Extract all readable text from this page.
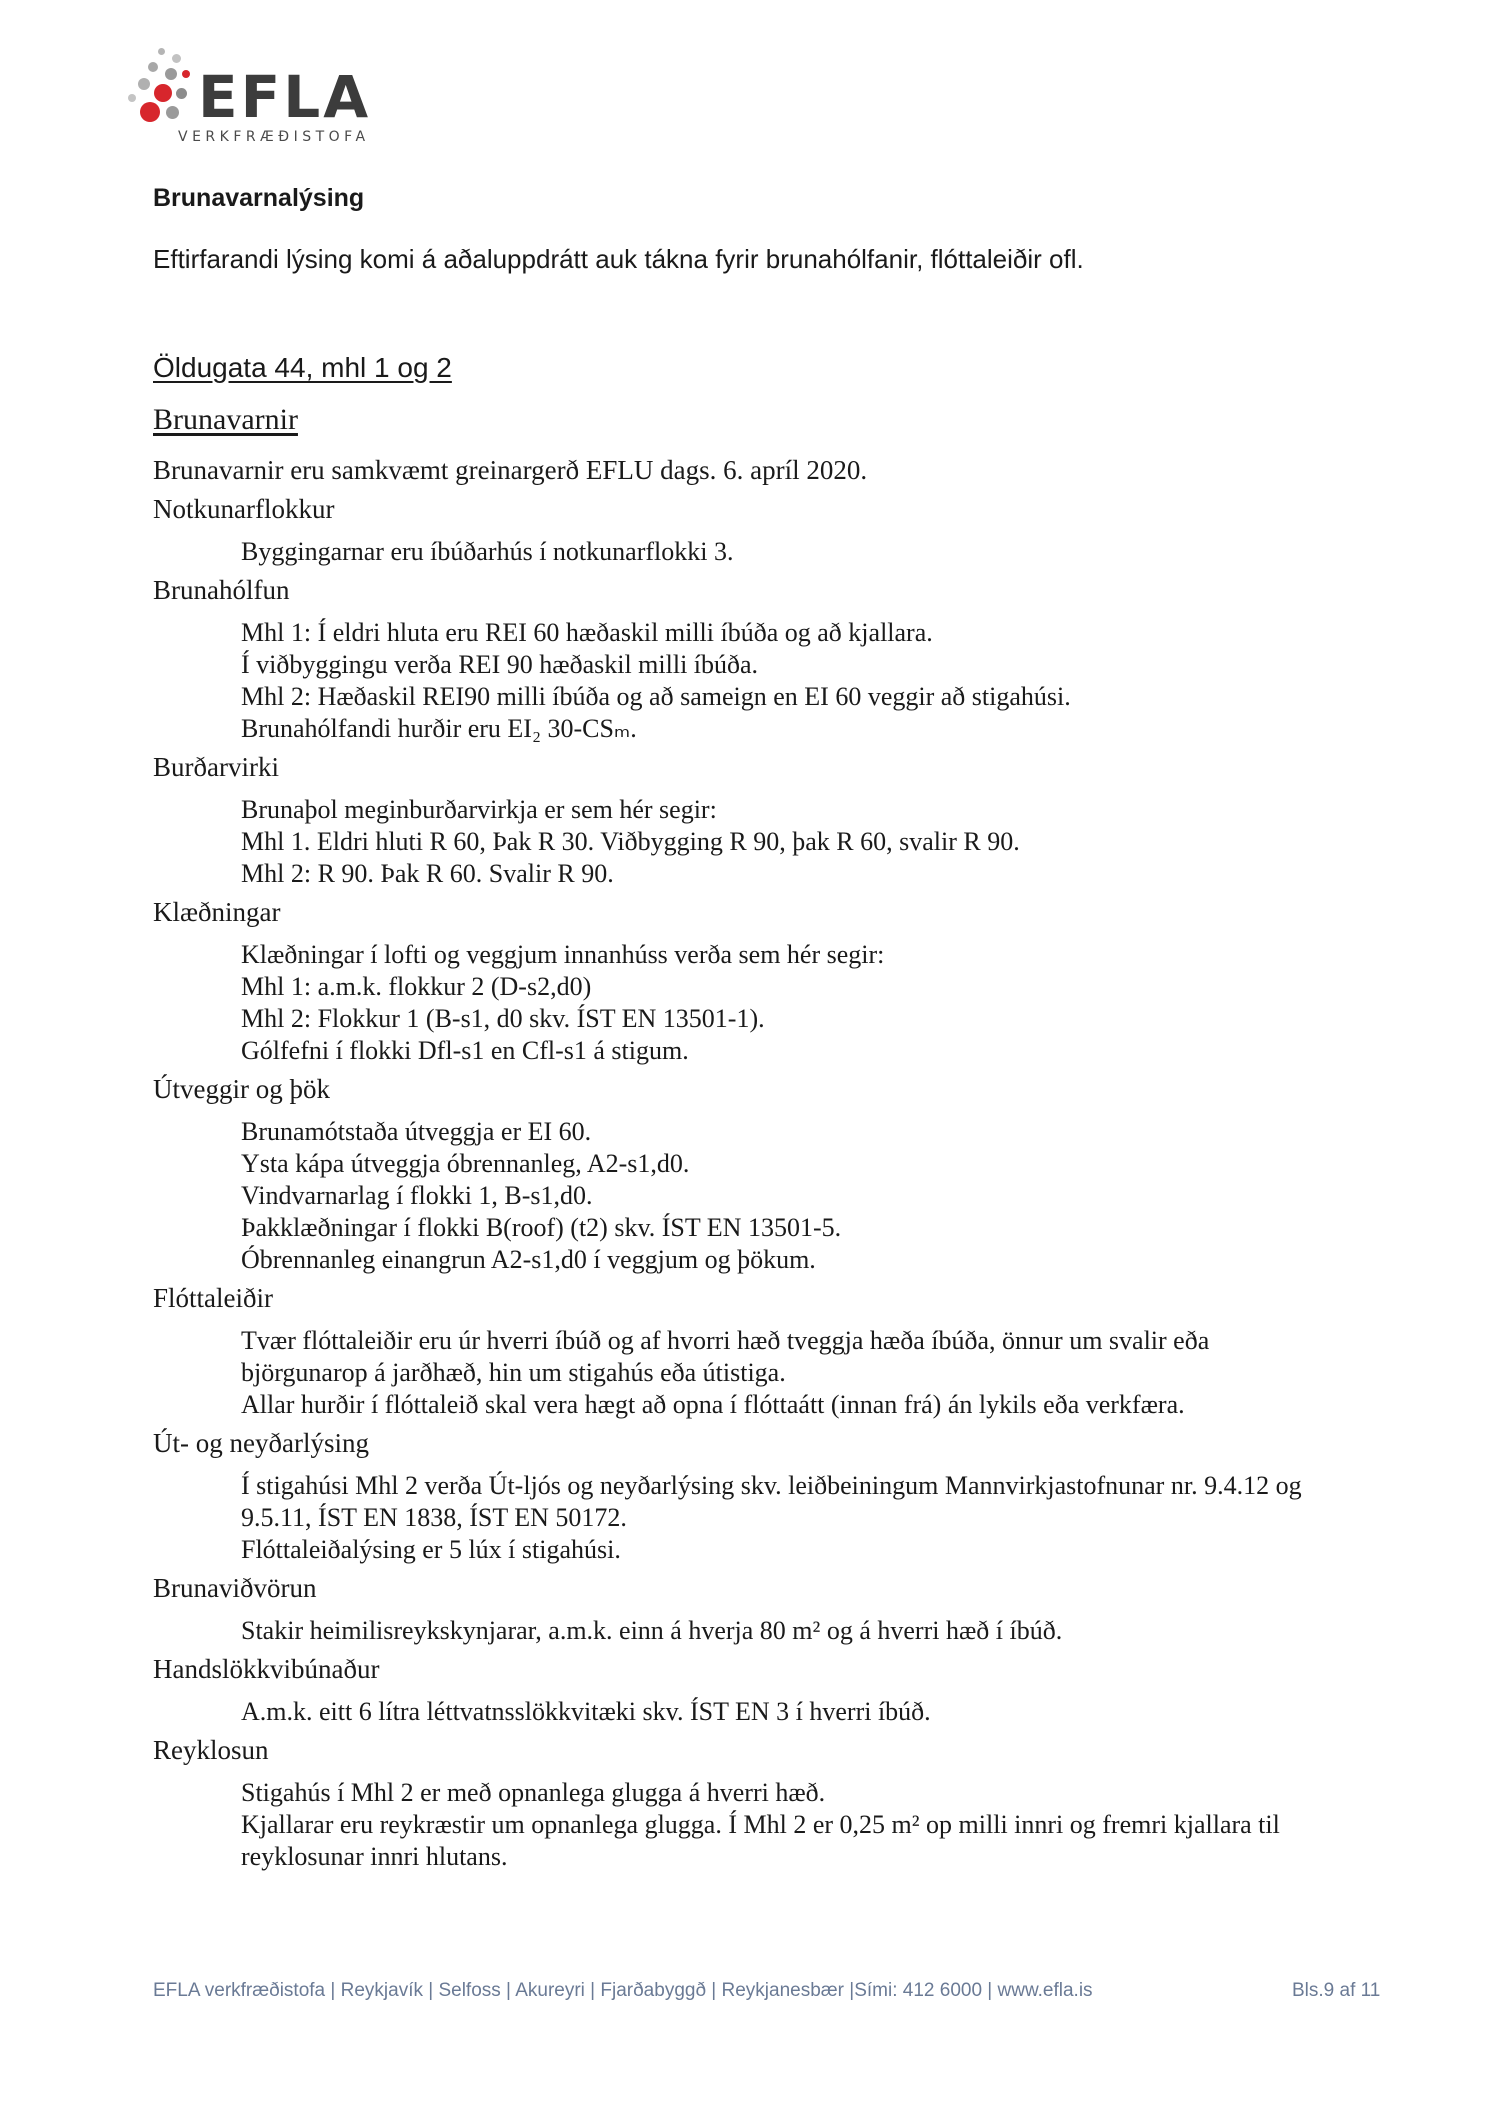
EFLA
VERKFRÆÐISTOFA
Brunavarnalýsing
Eftirfarandi lýsing komi á aðaluppdrátt auk tákna fyrir brunahólfanir, flóttaleiðir ofl.
Öldugata 44, mhl 1 og 2
Brunavarnir
Brunavarnir eru samkvæmt greinargerð EFLU dags. 6. apríl 2020.
Notkunarflokkur
Byggingarnar eru íbúðarhús í notkunarflokki 3.
Brunahólfun
Mhl 1: Í eldri hluta eru REI 60 hæðaskil milli íbúða og að kjallara.
Í viðbyggingu verða REI 90 hæðaskil milli íbúða.
Mhl 2: Hæðaskil REI90 milli íbúða og að sameign en EI 60 veggir að stigahúsi.
Brunahólfandi hurðir eru EI₂ 30-CSₘ.
Burðarvirki
Brunaþol meginburðarvirkja er sem hér segir:
Mhl 1. Eldri hluti R 60, Þak R 30. Viðbygging R 90, þak R 60, svalir R 90.
Mhl 2: R 90. Þak R 60. Svalir R 90.
Klæðningar
Klæðningar í lofti og veggjum innanhúss verða sem hér segir:
Mhl 1: a.m.k. flokkur 2 (D-s2,d0)
Mhl 2: Flokkur 1 (B-s1, d0 skv. ÍST EN 13501-1).
Gólfefni í flokki Dfl-s1 en Cfl-s1 á stigum.
Útveggir og þök
Brunamótstaða útveggja er EI 60.
Ysta kápa útveggja óbrennanleg, A2-s1,d0.
Vindvarnarlag í flokki 1, B-s1,d0.
Þakklæðningar í flokki B(roof) (t2) skv. ÍST EN 13501-5.
Óbrennanleg einangrun A2-s1,d0 í veggjum og þökum.
Flóttaleiðir
Tvær flóttaleiðir eru úr hverri íbúð og af hvorri hæð tveggja hæða íbúða, önnur um svalir eða
björgunarop á jarðhæð, hin um stigahús eða útistiga.
Allar hurðir í flóttaleið skal vera hægt að opna í flóttaátt (innan frá) án lykils eða verkfæra.
Út- og neyðarlýsing
Í stigahúsi Mhl 2 verða Út-ljós og neyðarlýsing skv. leiðbeiningum Mannvirkjastofnunar nr. 9.4.12 og
9.5.11, ÍST EN 1838, ÍST EN 50172.
Flóttaleiðalýsing er 5 lúx í stigahúsi.
Brunaviðvörun
Stakir heimilisreykskynjarar, a.m.k. einn á hverja 80 m² og á hverri hæð í íbúð.
Handslökkvibúnaður
A.m.k. eitt 6 lítra léttvatnsslökkvitæki skv. ÍST EN 3 í hverri íbúð.
Reyklosun
Stigahús í Mhl 2 er með opnanlega glugga á hverri hæð.
Kjallarar eru reykræstir um opnanlega glugga. Í Mhl 2 er 0,25 m² op milli innri og fremri kjallara til
reyklosunar innri hlutans.
EFLA verkfræðistofa | Reykjavík | Selfoss | Akureyri | Fjarðabyggð | Reykjanesbær |Sími: 412 6000 | www.efla.is	Bls.9 af 11
